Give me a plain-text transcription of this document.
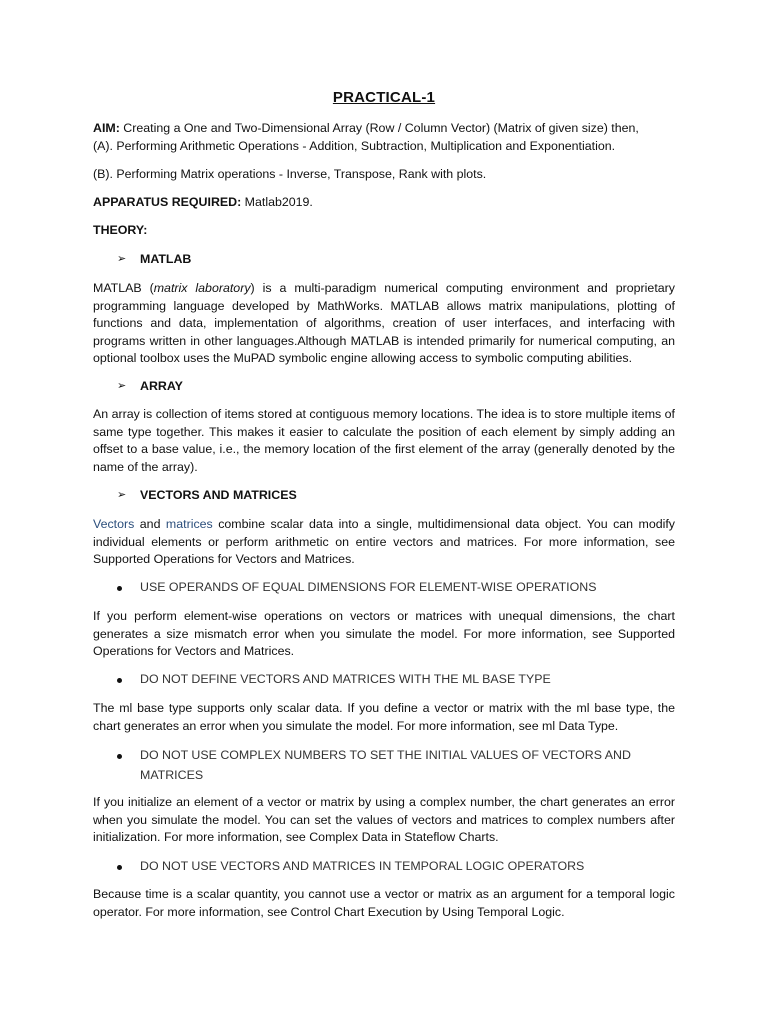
PRACTICAL-1
AIM: Creating a One and Two-Dimensional Array (Row / Column Vector) (Matrix of given size) then,
(A). Performing Arithmetic Operations - Addition, Subtraction, Multiplication and Exponentiation.
(B). Performing Matrix operations - Inverse, Transpose, Rank with plots.
APPARATUS REQUIRED: Matlab2019.
THEORY:
➢ MATLAB
MATLAB (matrix laboratory) is a multi-paradigm numerical computing environment and proprietary programming language developed by MathWorks. MATLAB allows matrix manipulations, plotting of functions and data, implementation of algorithms, creation of user interfaces, and interfacing with programs written in other languages.Although MATLAB is intended primarily for numerical computing, an optional toolbox uses the MuPAD symbolic engine allowing access to symbolic computing abilities.
➢ ARRAY
An array is collection of items stored at contiguous memory locations. The idea is to store multiple items of same type together. This makes it easier to calculate the position of each element by simply adding an offset to a base value, i.e., the memory location of the first element of the array (generally denoted by the name of the array).
➢ VECTORS AND MATRICES
Vectors and matrices combine scalar data into a single, multidimensional data object. You can modify individual elements or perform arithmetic on entire vectors and matrices. For more information, see Supported Operations for Vectors and Matrices.
USE OPERANDS OF EQUAL DIMENSIONS FOR ELEMENT-WISE OPERATIONS
If you perform element-wise operations on vectors or matrices with unequal dimensions, the chart generates a size mismatch error when you simulate the model. For more information, see Supported Operations for Vectors and Matrices.
DO NOT DEFINE VECTORS AND MATRICES WITH THE ML BASE TYPE
The ml base type supports only scalar data. If you define a vector or matrix with the ml base type, the chart generates an error when you simulate the model. For more information, see ml Data Type.
DO NOT USE COMPLEX NUMBERS TO SET THE INITIAL VALUES OF VECTORS AND MATRICES
If you initialize an element of a vector or matrix by using a complex number, the chart generates an error when you simulate the model. You can set the values of vectors and matrices to complex numbers after initialization. For more information, see Complex Data in Stateflow Charts.
DO NOT USE VECTORS AND MATRICES IN TEMPORAL LOGIC OPERATORS
Because time is a scalar quantity, you cannot use a vector or matrix as an argument for a temporal logic operator. For more information, see Control Chart Execution by Using Temporal Logic.
